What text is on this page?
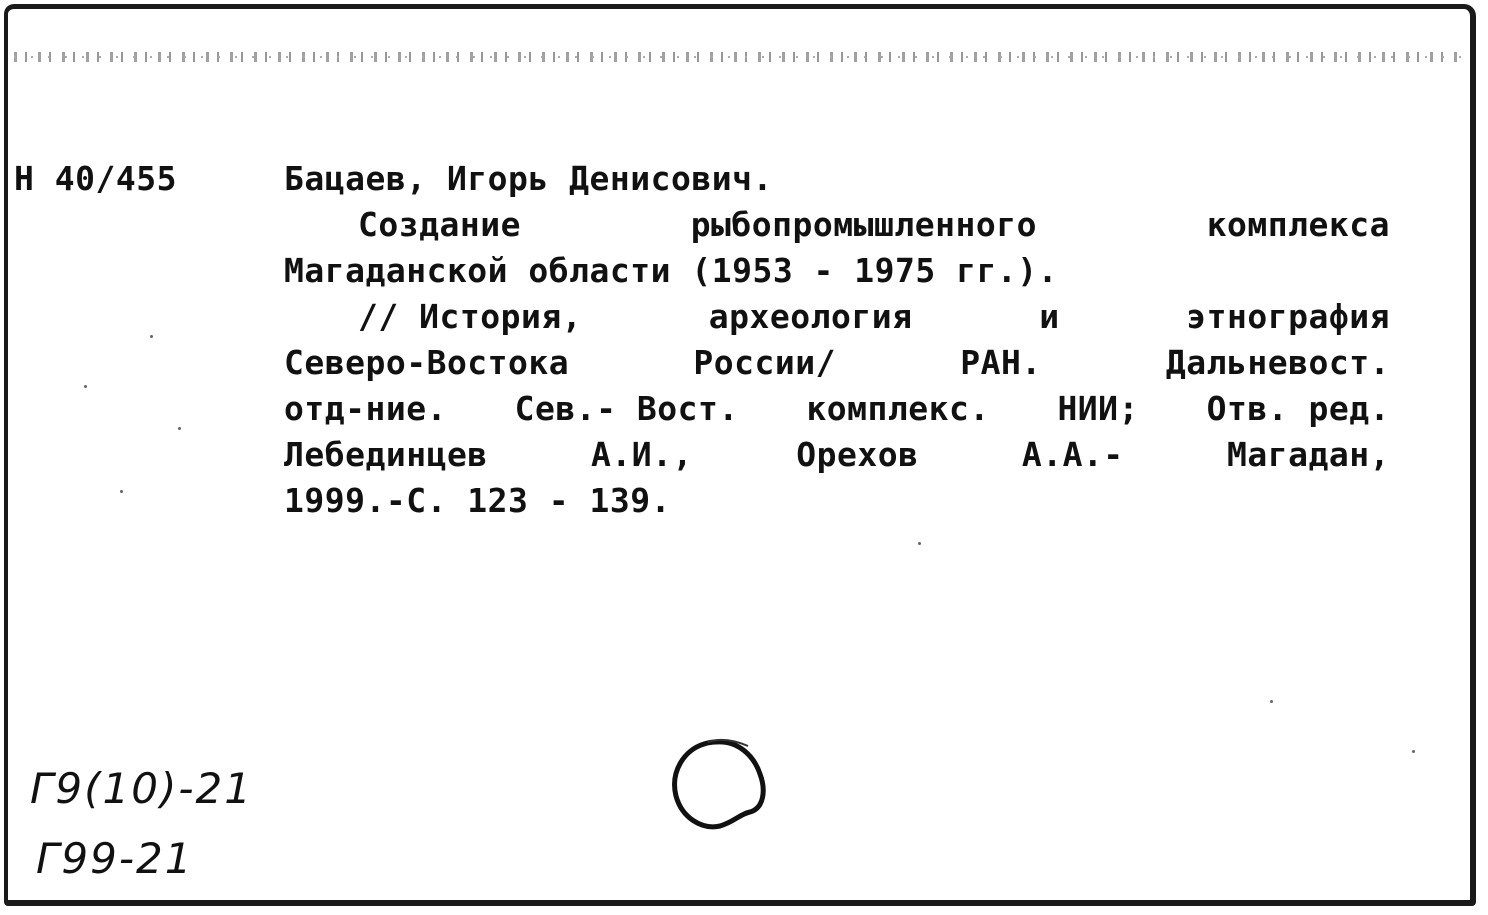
Н 40/455	Бацаев, Игорь Денисович.
Создание	рыбопромышленного	комплекса
Магаданской области (1953 - 1975 гг.).
// История,	археология	и	этнография
Северо-Востока	России/	РАН.	Дальневост.
отд-ние. Сев.- Вост. комплекс. НИИ; Отв. ред.
Лебединцев	А.И.,	Орехов	А.А.-	Магадан,
1999.-С. 123 - 139.
Г9(10)-21
Г99-21
